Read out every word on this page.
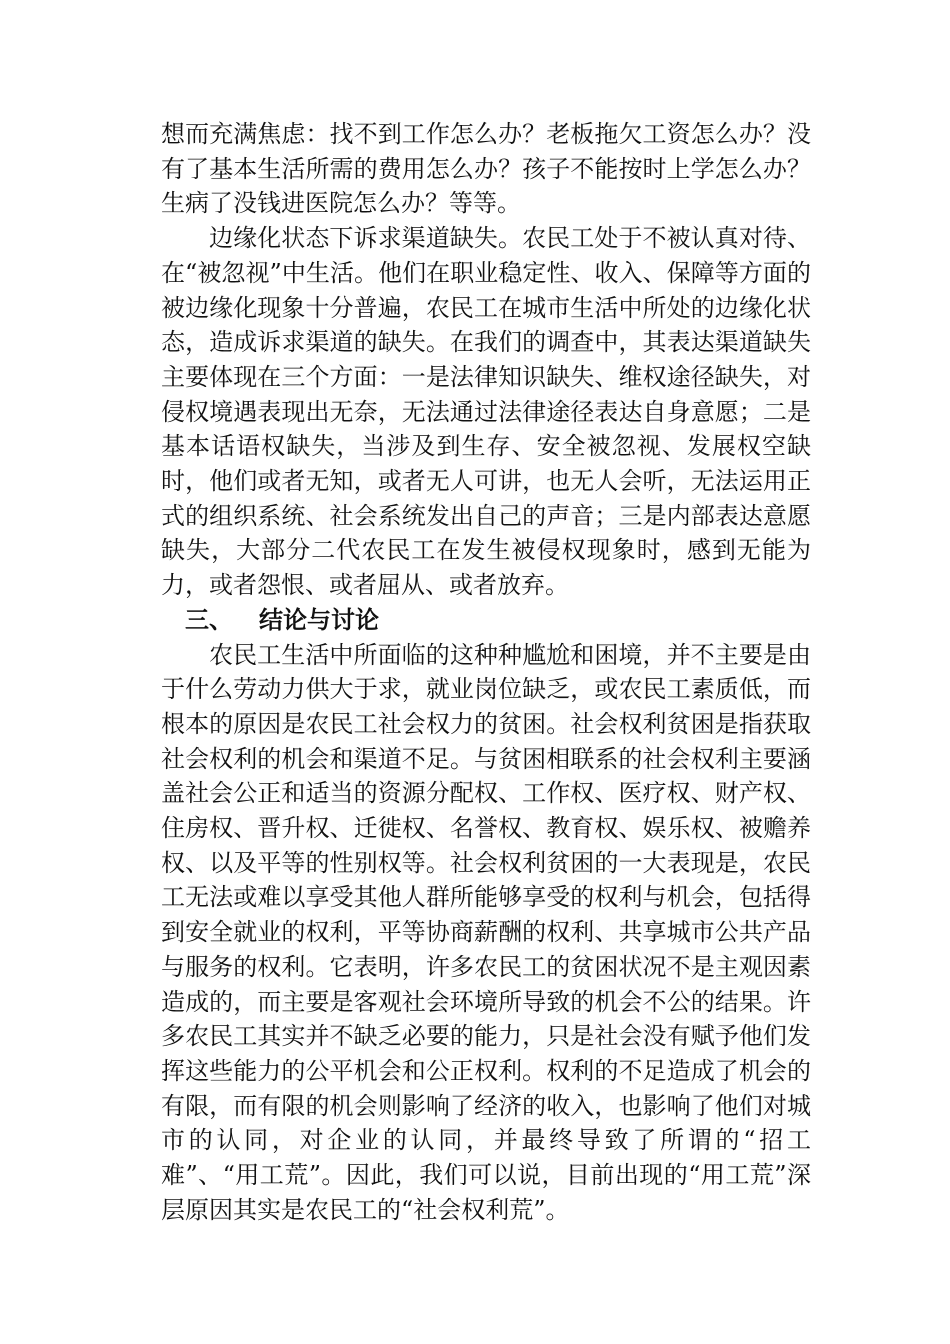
想而充满焦虑：找不到工作怎么办？老板拖欠工资怎么办？没有了基本生活所需的费用怎么办？孩子不能按时上学怎么办？生病了没钱进医院怎么办？等等。

边缘化状态下诉求渠道缺失。农民工处于不被认真对待、在“被忽视”中生活。他们在职业稳定性、收入、保障等方面的被边缘化现象十分普遍，农民工在城市生活中所处的边缘化状态，造成诉求渠道的缺失。在我们的调查中，其表达渠道缺失主要体现在三个方面：一是法律知识缺失、维权途径缺失，对侵权境遇表现出无奈，无法通过法律途径表达自身意愿；二是基本话语权缺失，当涉及到生存、安全被忽视、发展权空缺时，他们或者无知，或者无人可讲，也无人会听，无法运用正式的组织系统、社会系统发出自己的声音；三是内部表达意愿缺失，大部分二代农民工在发生被侵权现象时，感到无能为力，或者怨恨、或者屈从、或者放弃。

三、 结论与讨论

农民工生活中所面临的这种种尴尬和困境，并不主要是由于什么劳动力供大于求，就业岗位缺乏，或农民工素质低，而根本的原因是农民工社会权力的贫困。社会权利贫困是指获取社会权利的机会和渠道不足。与贫困相联系的社会权利主要涵盖社会公正和适当的资源分配权、工作权、医疗权、财产权、住房权、晋升权、迁徙权、名誉权、教育权、娱乐权、被赡养权、以及平等的性别权等。社会权利贫困的一大表现是，农民工无法或难以享受其他人群所能够享受的权利与机会，包括得到安全就业的权利，平等协商薪酬的权利、共享城市公共产品与服务的权利。它表明，许多农民工的贫困状况不是主观因素造成的，而主要是客观社会环境所导致的机会不公的结果。许多农民工其实并不缺乏必要的能力，只是社会没有赋予他们发挥这些能力的公平机会和公正权利。权利的不足造成了机会的有限，而有限的机会则影响了经济的收入，也影响了他们对城市的认同，对企业的认同，并最终导致了所谓的“招工难”、“用工荒”。因此，我们可以说，目前出现的“用工荒”深层原因其实是农民工的“社会权利荒”。
